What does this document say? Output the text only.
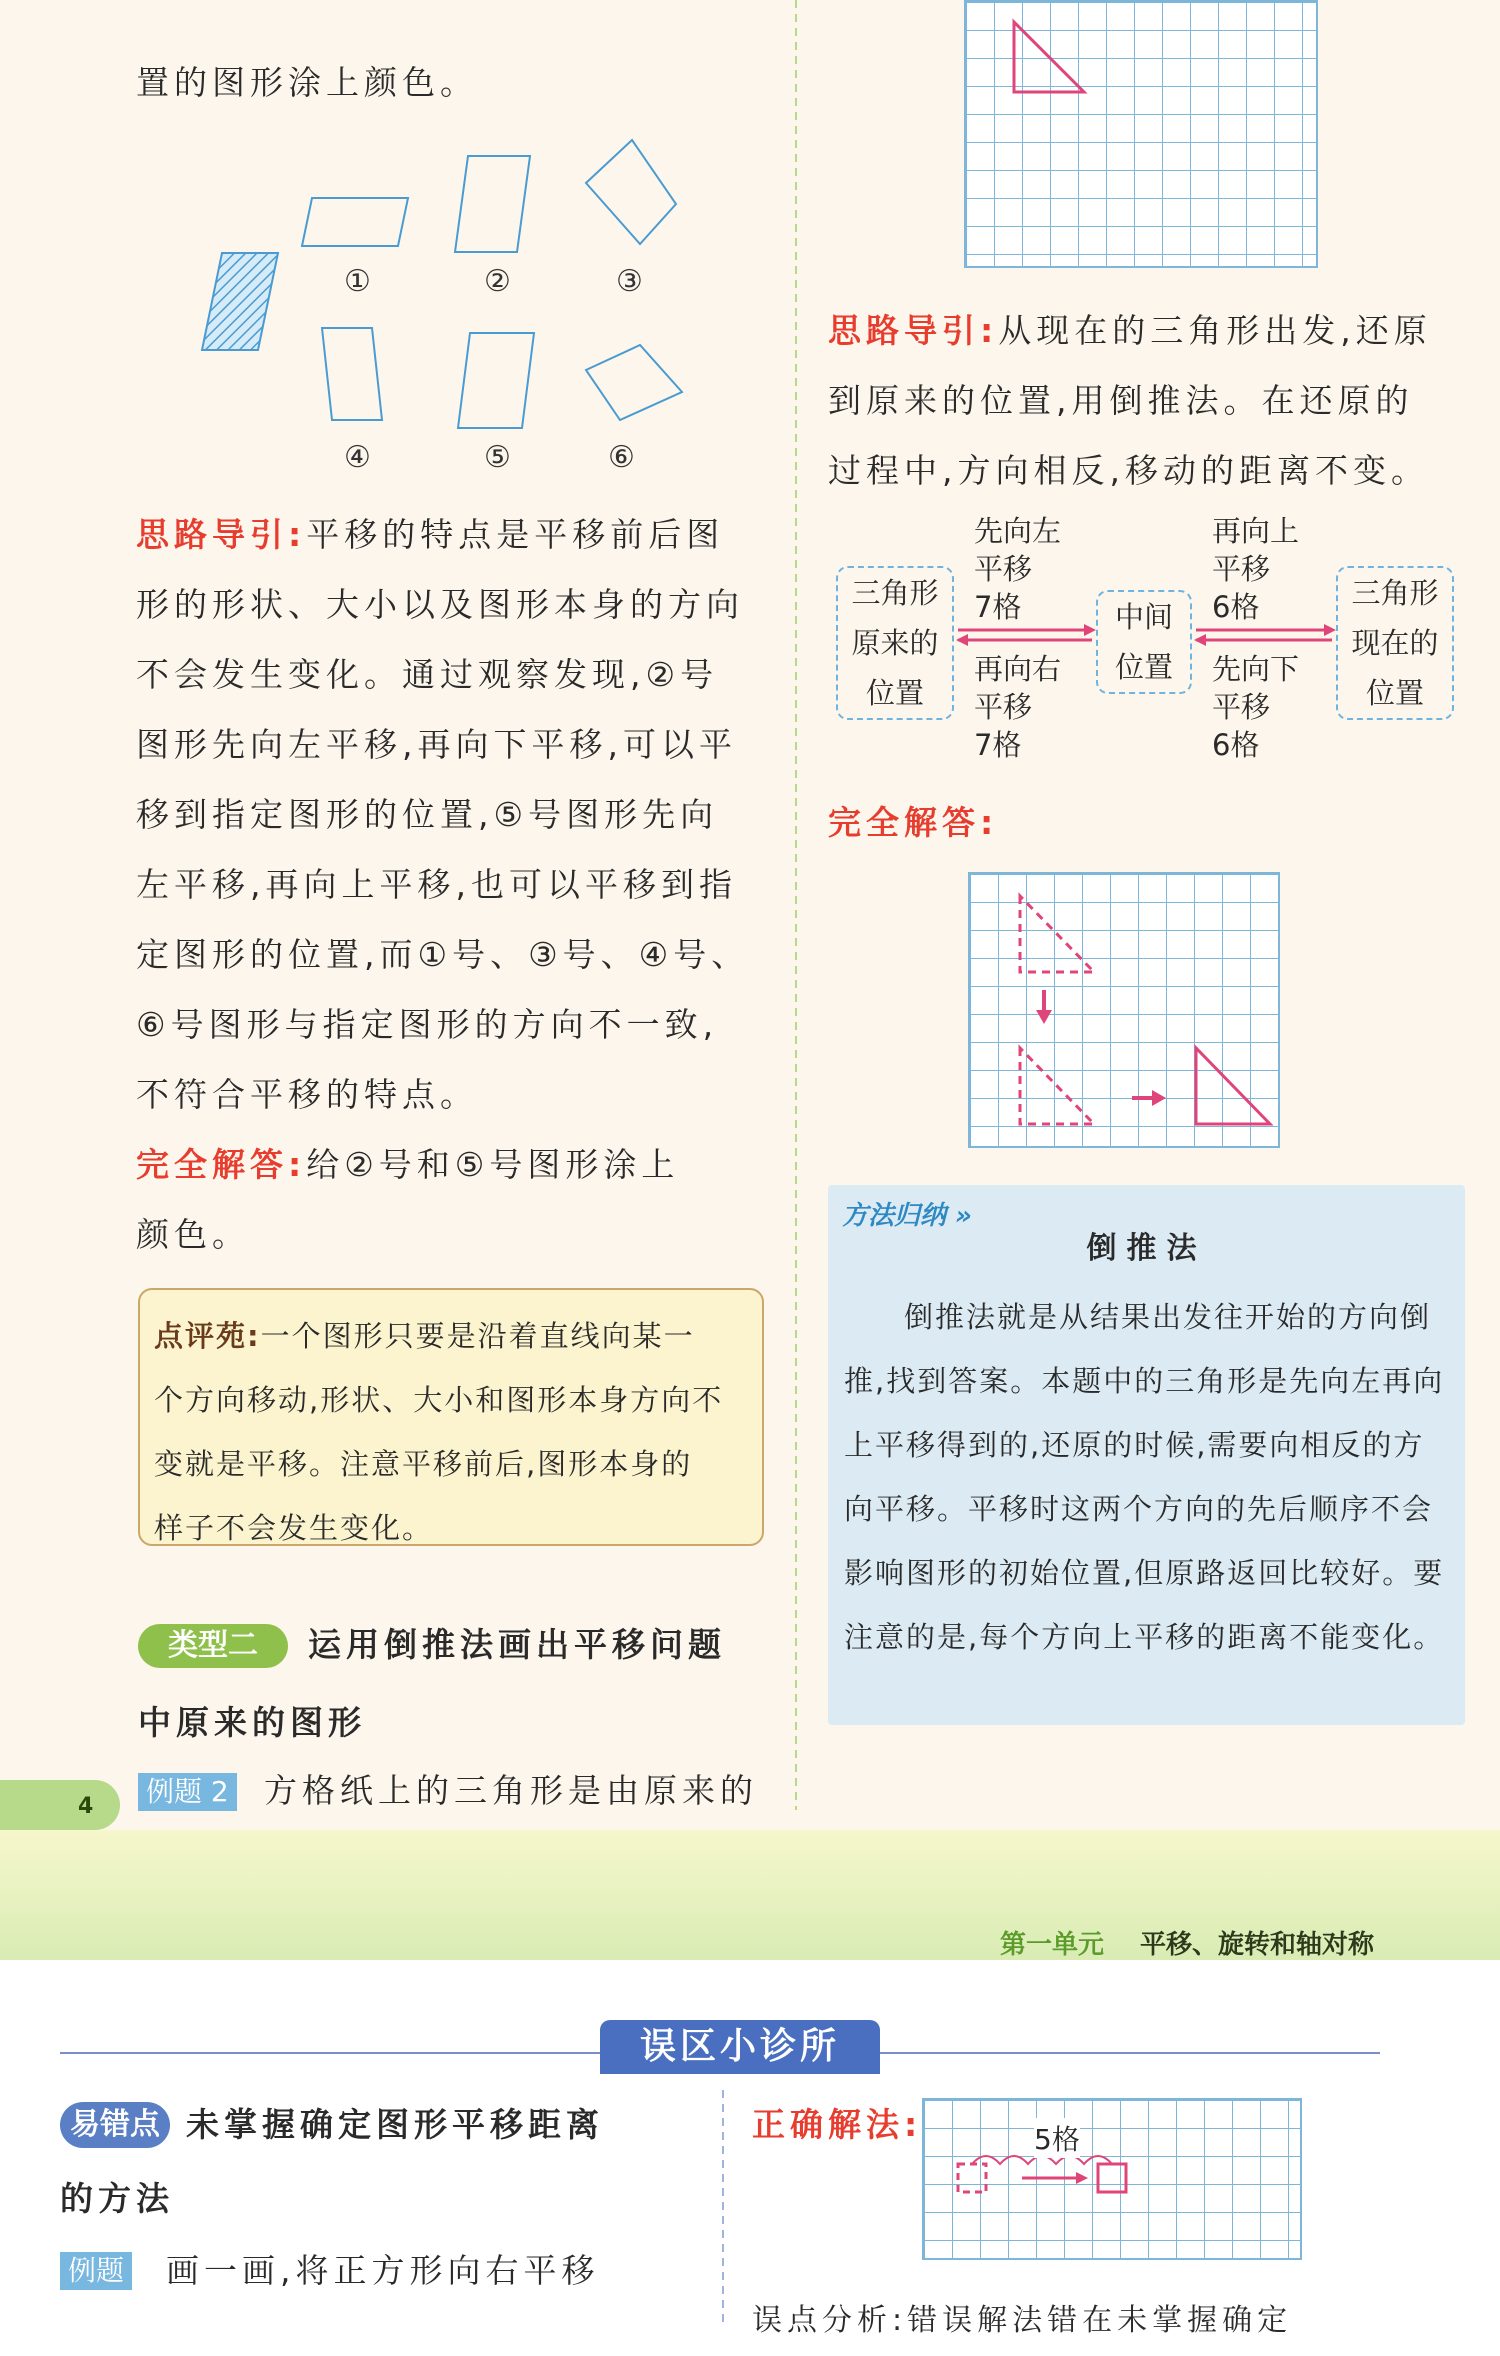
置的图形涂上颜色。

①	②	③
④	⑤	⑥

思路导引:平移的特点是平移前后图

形的形状、大小以及图形本身的方向

不会发生变化。通过观察发现,②号

图形先向左平移,再向下平移,可以平

移到指定图形的位置,⑤号图形先向

左平移,再向上平移,也可以平移到指

定图形的位置,而①号、③号、④号、

⑥号图形与指定图形的方向不一致,

不符合平移的特点。

完全解答:给②号和⑤号图形涂上

颜色。

点评苑:一个图形只要是沿着直线向某一
个方向移动,形状、大小和图形本身方向不
变就是平移。注意平移前后,图形本身的
样子不会发生变化。
类型二	运用倒推法画出平移问题

中原来的图形

例题 2 方格纸上的三角形是由原来的

4

思路导引:从现在的三角形出发,还原

到原来的位置,用倒推法。在还原的

过程中,方向相反,移动的距离不变。

三角形
原来的
位置
中间
位置
三角形
现在的
位置
先向左
平移
7格
再向右
平移
7格
再向上
平移
6格
先向下
平移
6格

完全解答:

方法归纳 »
倒推法
倒推法就是从结果出发往开始的方向倒推,找到答案。本题中的三角形是先向左再向上平移得到的,还原的时候,需要向相反的方向平移。平移时这两个方向的先后顺序不会影响图形的初始位置,但原路返回比较好。要注意的是,每个方向上平移的距离不能变化。
第一单元 平移、旋转和轴对称
误区小诊所
易错点 未掌握确定图形平移距离

的方法

例题 画一画,将正方形向右平移

正确解法:	5格

误点分析:错误解法错在未掌握确定
